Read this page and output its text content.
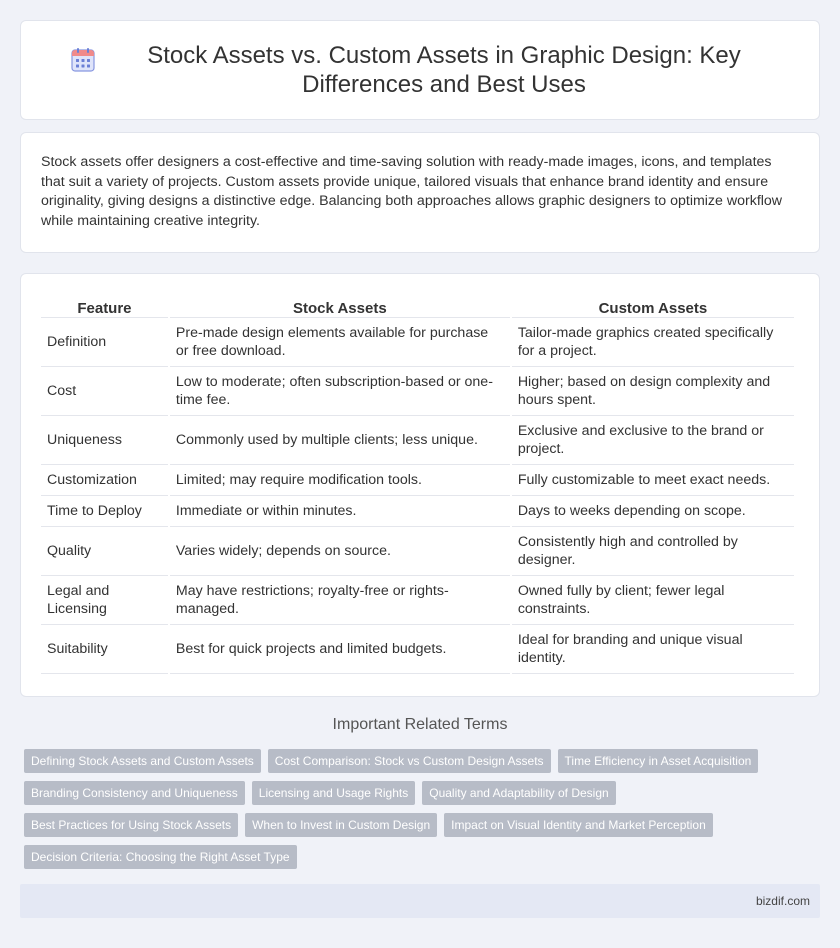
Stock Assets vs. Custom Assets in Graphic Design: Key Differences and Best Uses

Stock assets offer designers a cost-effective and time-saving solution with ready-made images, icons, and templates that suit a variety of projects. Custom assets provide unique, tailored visuals that enhance brand identity and ensure originality, giving designs a distinctive edge. Balancing both approaches allows graphic designers to optimize workflow while maintaining creative integrity.

Feature	Stock Assets	Custom Assets
Definition	Pre-made design elements available for purchase or free download.	Tailor-made graphics created specifically for a project.
Cost	Low to moderate; often subscription-based or one-time fee.	Higher; based on design complexity and hours spent.
Uniqueness	Commonly used by multiple clients; less unique.	Exclusive and exclusive to the brand or project.
Customization	Limited; may require modification tools.	Fully customizable to meet exact needs.
Time to Deploy	Immediate or within minutes.	Days to weeks depending on scope.
Quality	Varies widely; depends on source.	Consistently high and controlled by designer.
Legal and Licensing	May have restrictions; royalty-free or rights-managed.	Owned fully by client; fewer legal constraints.
Suitability	Best for quick projects and limited budgets.	Ideal for branding and unique visual identity.
Important Related Terms
Defining Stock Assets and Custom Assets	Cost Comparison: Stock vs Custom Design Assets	Time Efficiency in Asset Acquisition
Branding Consistency and Uniqueness	Licensing and Usage Rights	Quality and Adaptability of Design
Best Practices for Using Stock Assets	When to Invest in Custom Design	Impact on Visual Identity and Market Perception
Decision Criteria: Choosing the Right Asset Type
bizdif.com
